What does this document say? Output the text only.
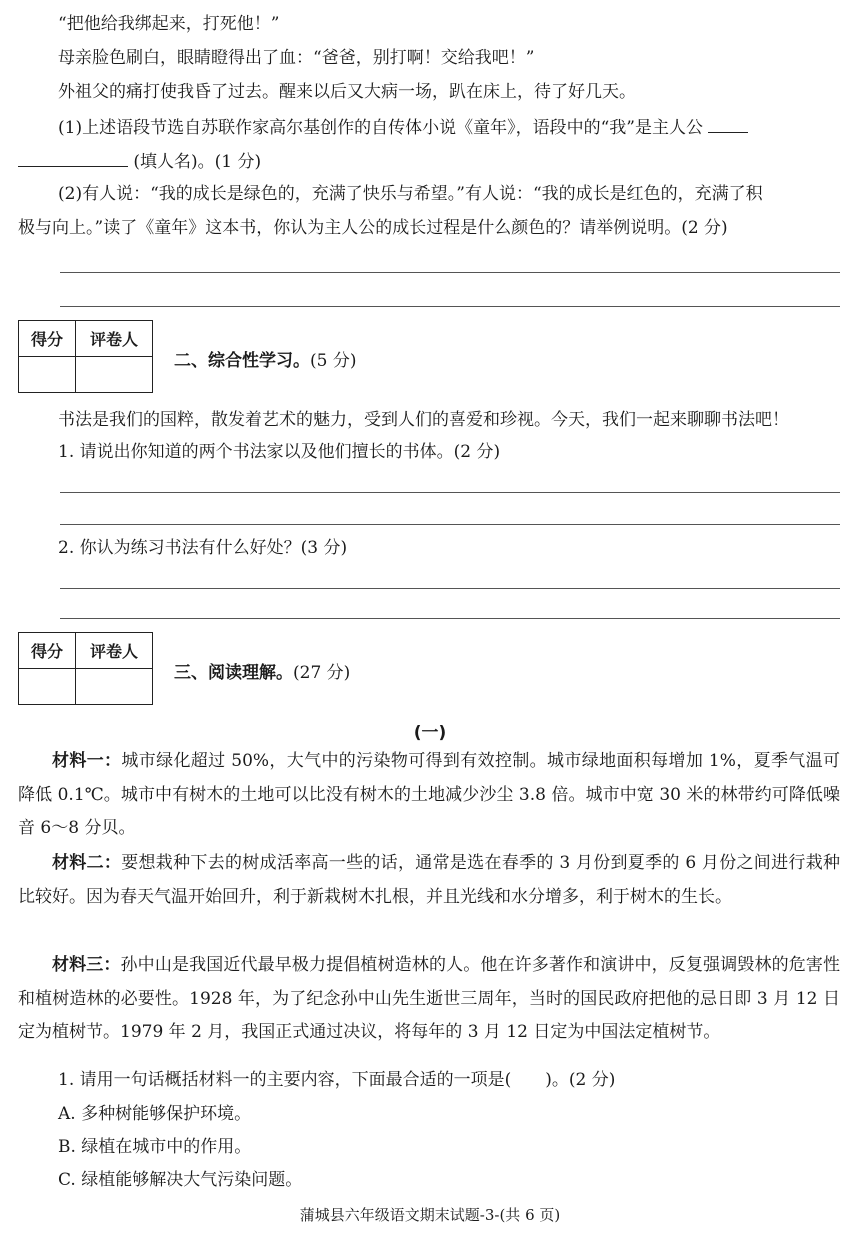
“把他给我绑起来，打死他！”
母亲脸色刷白，眼睛瞪得出了血：“爸爸，别打啊！交给我吧！”
外祖父的痛打使我昏了过去。醒来以后又大病一场，趴在床上，待了好几天。
(1)上述语段节选自苏联作家高尔基创作的自传体小说《童年》，语段中的“我”是主人公
(填人名)。(1 分)
(2)有人说：“我的成长是绿色的，充满了快乐与希望。”有人说：“我的成长是红色的，充满了积
极与向上。”读了《童年》这本书，你认为主人公的成长过程是什么颜色的？请举例说明。(2 分)
得分	评卷人

二、综合性学习。(5 分)
书法是我们的国粹，散发着艺术的魅力，受到人们的喜爱和珍视。今天，我们一起来聊聊书法吧！
1. 请说出你知道的两个书法家以及他们擅长的书体。(2 分)
2. 你认为练习书法有什么好处？(3 分)
得分	评卷人

三、阅读理解。(27 分)
(一)
材料一：城市绿化超过 50%，大气中的污染物可得到有效控制。城市绿地面积每增加 1%，夏季气温可降低 0.1℃。城市中有树木的土地可以比没有树木的土地减少沙尘 3.8 倍。城市中宽 30 米的林带约可降低噪音 6～8 分贝。
材料二：要想栽种下去的树成活率高一些的话，通常是选在春季的 3 月份到夏季的 6 月份之间进行栽种比较好。因为春天气温开始回升，利于新栽树木扎根，并且光线和水分增多，利于树木的生长。
材料三：孙中山是我国近代最早极力提倡植树造林的人。他在许多著作和演讲中，反复强调毁林的危害性和植树造林的必要性。1928 年，为了纪念孙中山先生逝世三周年，当时的国民政府把他的忌日即 3 月 12 日定为植树节。1979 年 2 月，我国正式通过决议，将每年的 3 月 12 日定为中国法定植树节。
1. 请用一句话概括材料一的主要内容，下面最合适的一项是(　　)。(2 分)
A. 多种树能够保护环境。
B. 绿植在城市中的作用。
C. 绿植能够解决大气污染问题。
蒲城县六年级语文期末试题-3-(共 6 页)
